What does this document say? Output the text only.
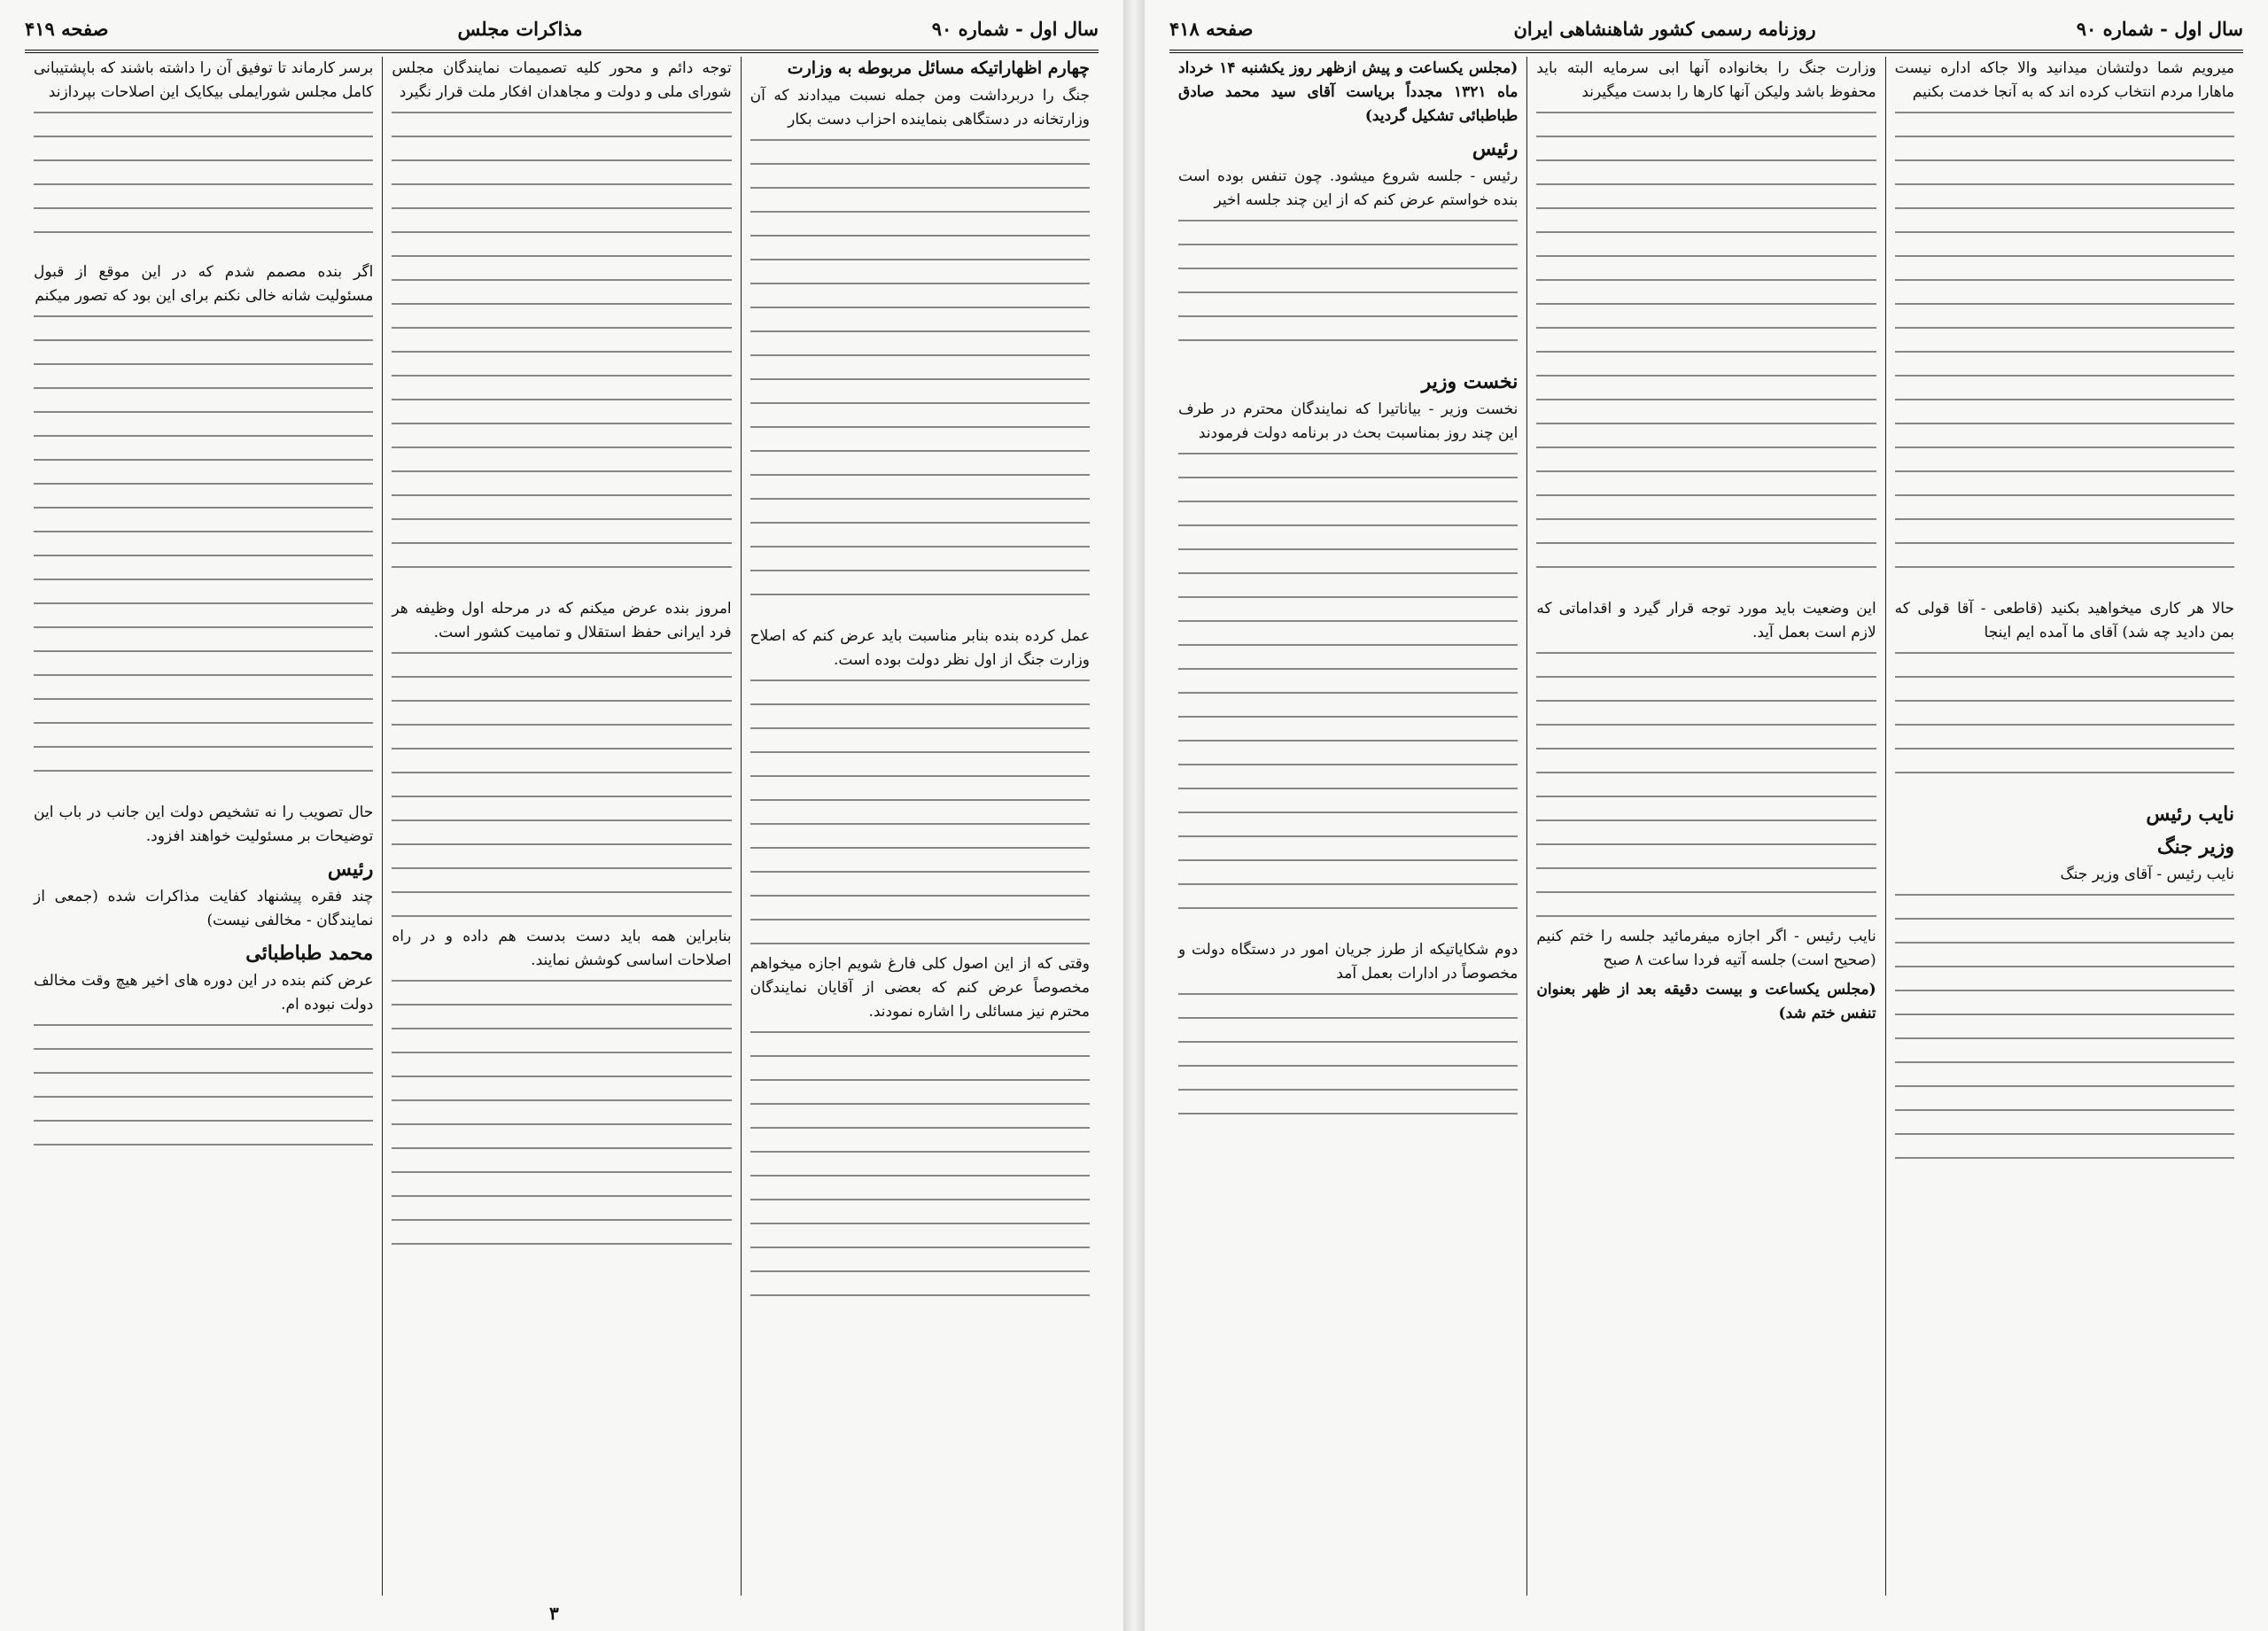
سال اول - شماره ۹۰
مذاکرات مجلس
صفحه ۴۱۹
چهارم اظهاراتیکه مسائل مربوطه به وزارت

جنگ را دربرداشت ومن جمله نسبت میدادند که آن وزارتخانه در دستگاهی بنماینده احزاب دست بکار

عمل کرده بنده بنابر مناسبت باید عرض کنم که اصلاح وزارت جنگ از اول نظر دولت بوده است.

وقتی که از این اصول کلی فارغ شویم اجازه میخواهم مخصوصاً عرض کنم که بعضی از آقایان نمایندگان محترم نیز مسائلی را اشاره نمودند.

توجه دائم و محور کلیه تصمیمات نمایندگان مجلس شورای ملی و دولت و مجاهدان افکار ملت قرار نگیرد

امروز بنده عرض میکنم که در مرحله اول وظیفه هر فرد ایرانی حفظ استقلال و تمامیت کشور است.

بنابراین همه باید دست بدست هم داده و در راه اصلاحات اساسی کوشش نمایند.

برسر کارماند تا توفیق آن را داشته باشند که باپشتیبانی کامل مجلس شورایملی بیکایک این اصلاحات بپردازند

اگر بنده مصمم شدم که در این موقع از قبول مسئولیت شانه خالی نکنم برای این بود که تصور میکنم

حال تصویب را نه تشخیص دولت این جانب در باب این توضیحات بر مسئولیت خواهند افزود.

رئیس

چند فقره پیشنهاد کفایت مذاکرات شده (جمعی از نمایندگان - مخالفی نیست)

محمد طباطبائی

عرض کنم بنده در این دوره های اخیر هیچ وقت مخالف دولت نبوده ام.

۳
سال اول - شماره ۹۰
روزنامه رسمی کشور شاهنشاهی ایران
صفحه ۴۱۸

میرویم شما دولتشان میدانید والا جاکه اداره نیست ماهارا مردم انتخاب کرده اند که به آنجا خدمت بکنیم

حالا هر کاری میخواهید بکنید (قاطعی - آقا قولی که بمن دادید چه شد) آقای ما آمده ایم اینجا

نایب رئیس
وزیر جنگ

نایب رئیس - آقای وزیر جنگ

وزارت جنگ را بخانواده آنها ابی سرمایه البته باید محفوظ باشد ولیکن آنها کارها را بدست میگیرند

این وضعیت باید مورد توجه قرار گیرد و اقداماتی که لازم است بعمل آید.

نایب رئیس - اگر اجازه میفرمائید جلسه را ختم کنیم (صحیح است) جلسه آتیه فردا ساعت ۸ صبح

(مجلس یکساعت و بیست دقیقه بعد از ظهر بعنوان تنفس ختم شد)

(مجلس یکساعت و پیش ازظهر روز یکشنبه ۱۴ خرداد ماه ۱۳۲۱ مجدداً بریاست آقای سید محمد صادق طباطبائی تشکیل گردید)

رئیس

رئیس - جلسه شروع میشود. چون تنفس بوده است بنده خواستم عرض کنم که از این چند جلسه اخیر

نخست وزیر

نخست وزیر - بیاناتیرا که نمایندگان محترم در طرف این چند روز بمناسبت بحث در برنامه دولت فرمودند

دوم شکایاتیکه از طرز جریان امور در دستگاه دولت و مخصوصاً در ادارات بعمل آمد
